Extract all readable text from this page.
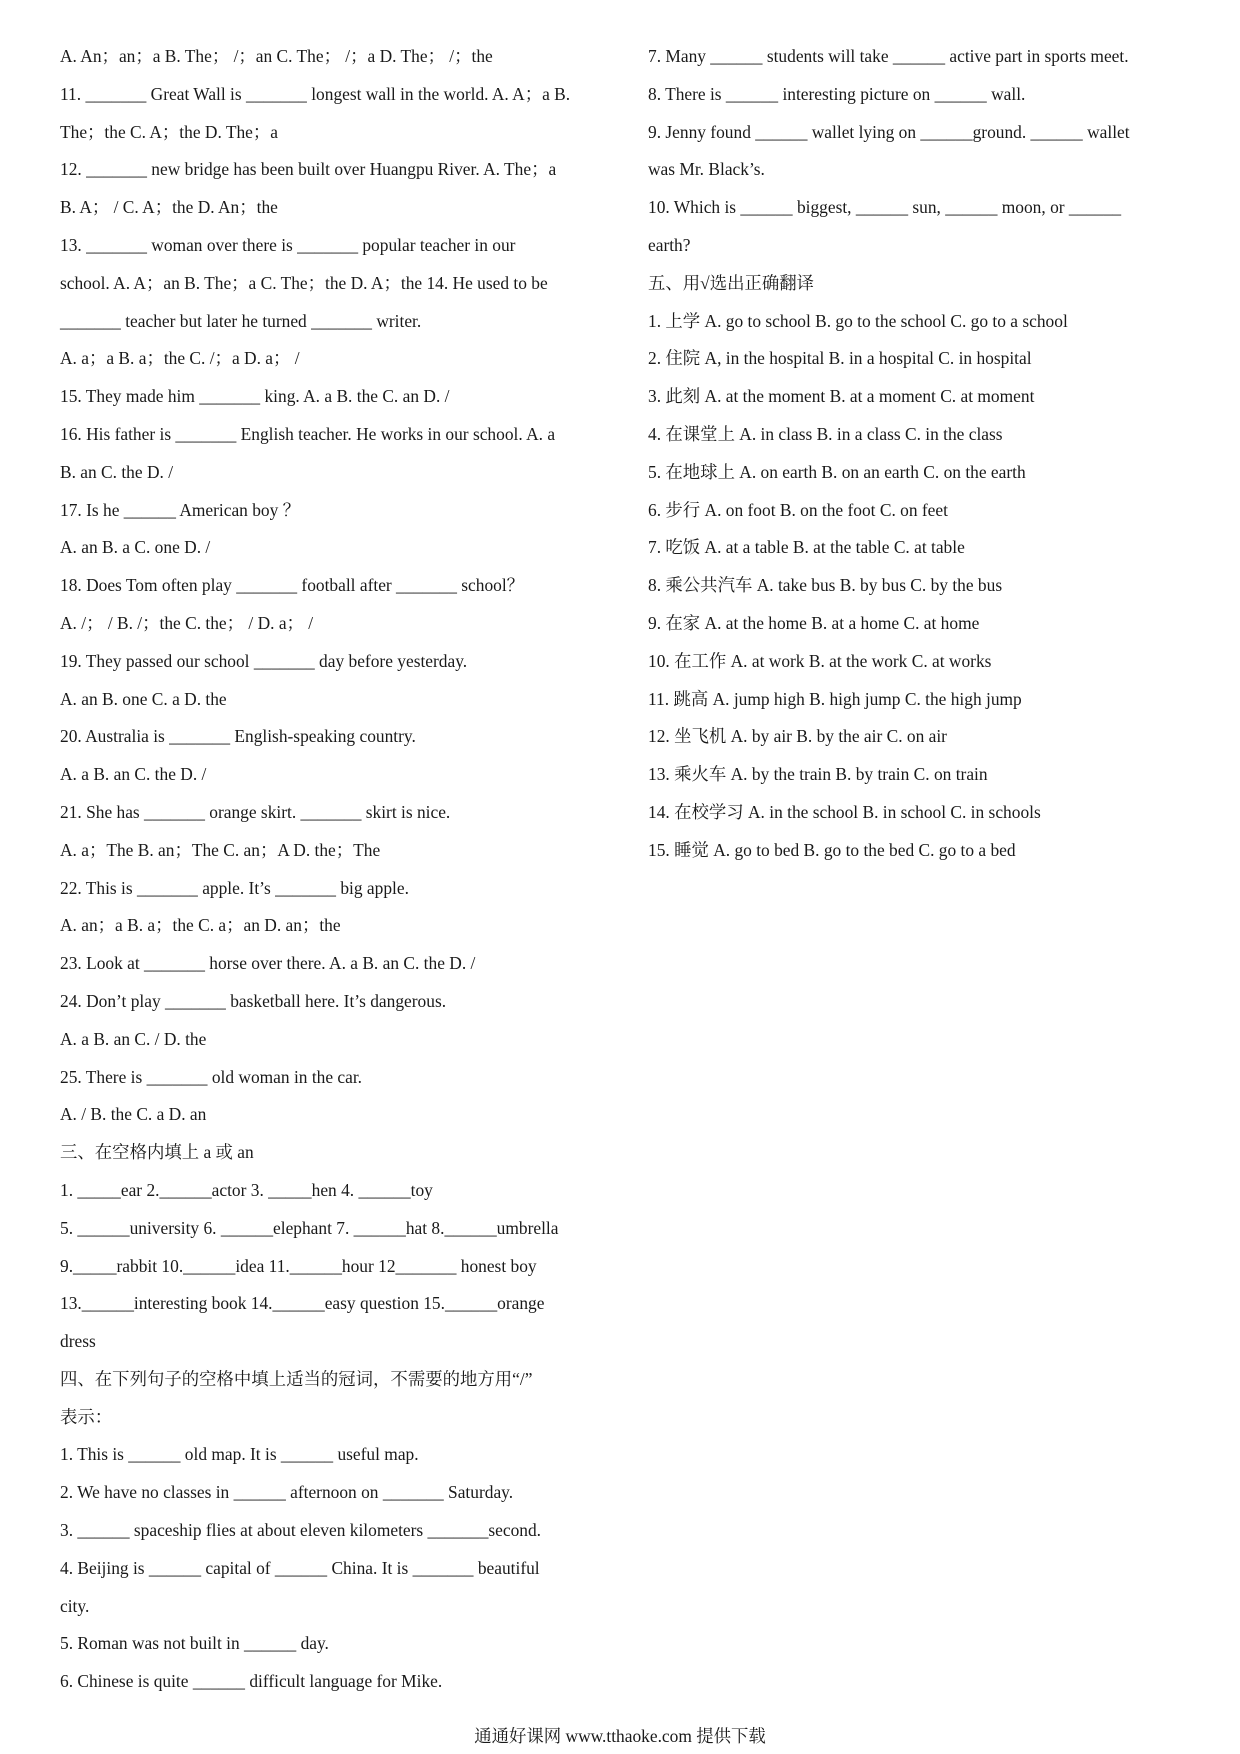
A. An；an；a B. The； /；an C. The； /；a D. The； /；the
11. _______ Great Wall is _______ longest wall in the world. A. A；a B.
The；the C. A；the D. The；a
12. _______ new bridge has been built over Huangpu River. A. The；a
B. A； / C. A；the D. An；the
13. _______ woman over there is _______ popular teacher in our
school. A. A；an B. The；a C. The；the D. A；the 14. He used to be
_______ teacher but later he turned _______ writer.
A. a；a B. a；the C. /；a D. a； /
15. They made him _______ king. A. a B. the C. an D. /
16. His father is _______ English teacher. He works in our school. A. a
B. an C. the D. /
17. Is he ______ American boy ？
A. an B. a C. one D. /
18. Does Tom often play _______ football after _______ school？
A. /； / B. /；the C. the； / D. a； /
19. They passed our school _______ day before yesterday.
A. an B. one C. a D. the
20. Australia is _______ English-speaking country.
A. a B. an C. the D. /
21. She has _______ orange skirt. _______ skirt is nice.
A. a；The B. an；The C. an；A D. the；The
22. This is _______ apple. It’s _______ big apple.
A. an；a B. a；the C. a；an D. an；the
23. Look at _______ horse over there. A. a B. an C. the D. /
24. Don’t play _______ basketball here. It’s dangerous.
A. a B. an C. / D. the
25. There is _______ old woman in the car.
A. / B. the C. a D. an
三、在空格内填上 a 或 an
1. _____ear 2.______actor 3. _____hen 4. ______toy
5. ______university 6. ______elephant 7. ______hat 8.______umbrella
9._____rabbit 10.______idea 11.______hour 12_______ honest boy
13.______interesting book 14.______easy question 15.______orange
dress
四、在下列句子的空格中填上适当的冠词，不需要的地方用“/”
表示：
1. This is ______ old map. It is ______ useful map.
2. We have no classes in ______ afternoon on _______ Saturday.
3. ______ spaceship flies at about eleven kilometers _______second.
4. Beijing is ______ capital of ______ China. It is _______ beautiful
city.
5. Roman was not built in ______ day.
6. Chinese is quite ______ difficult language for Mike.
7. Many ______ students will take ______ active part in sports meet.
8. There is ______ interesting picture on ______ wall.
9. Jenny found ______ wallet lying on ______ground. ______ wallet
was Mr. Black’s.
10. Which is ______ biggest, ______ sun, ______ moon, or ______
earth?
五、用√选出正确翻译
1. 上学 A. go to school B. go to the school C. go to a school
2. 住院 A, in the hospital B. in a hospital C. in hospital
3. 此刻 A. at the moment B. at a moment C. at moment
4. 在课堂上 A. in class B. in a class C. in the class
5. 在地球上 A. on earth B. on an earth C. on the earth
6. 步行 A. on foot B. on the foot C. on feet
7. 吃饭 A. at a table B. at the table C. at table
8. 乘公共汽车 A. take bus B. by bus C. by the bus
9. 在家 A. at the home B. at a home C. at home
10. 在工作 A. at work B. at the work C. at works
11. 跳高 A. jump high B. high jump C. the high jump
12. 坐飞机 A. by air B. by the air C. on air
13. 乘火车 A. by the train B. by train C. on train
14. 在校学习 A. in the school B. in school C. in schools
15. 睡觉 A. go to bed B. go to the bed C. go to a bed
通通好课网 www.tthaoke.com 提供下载
